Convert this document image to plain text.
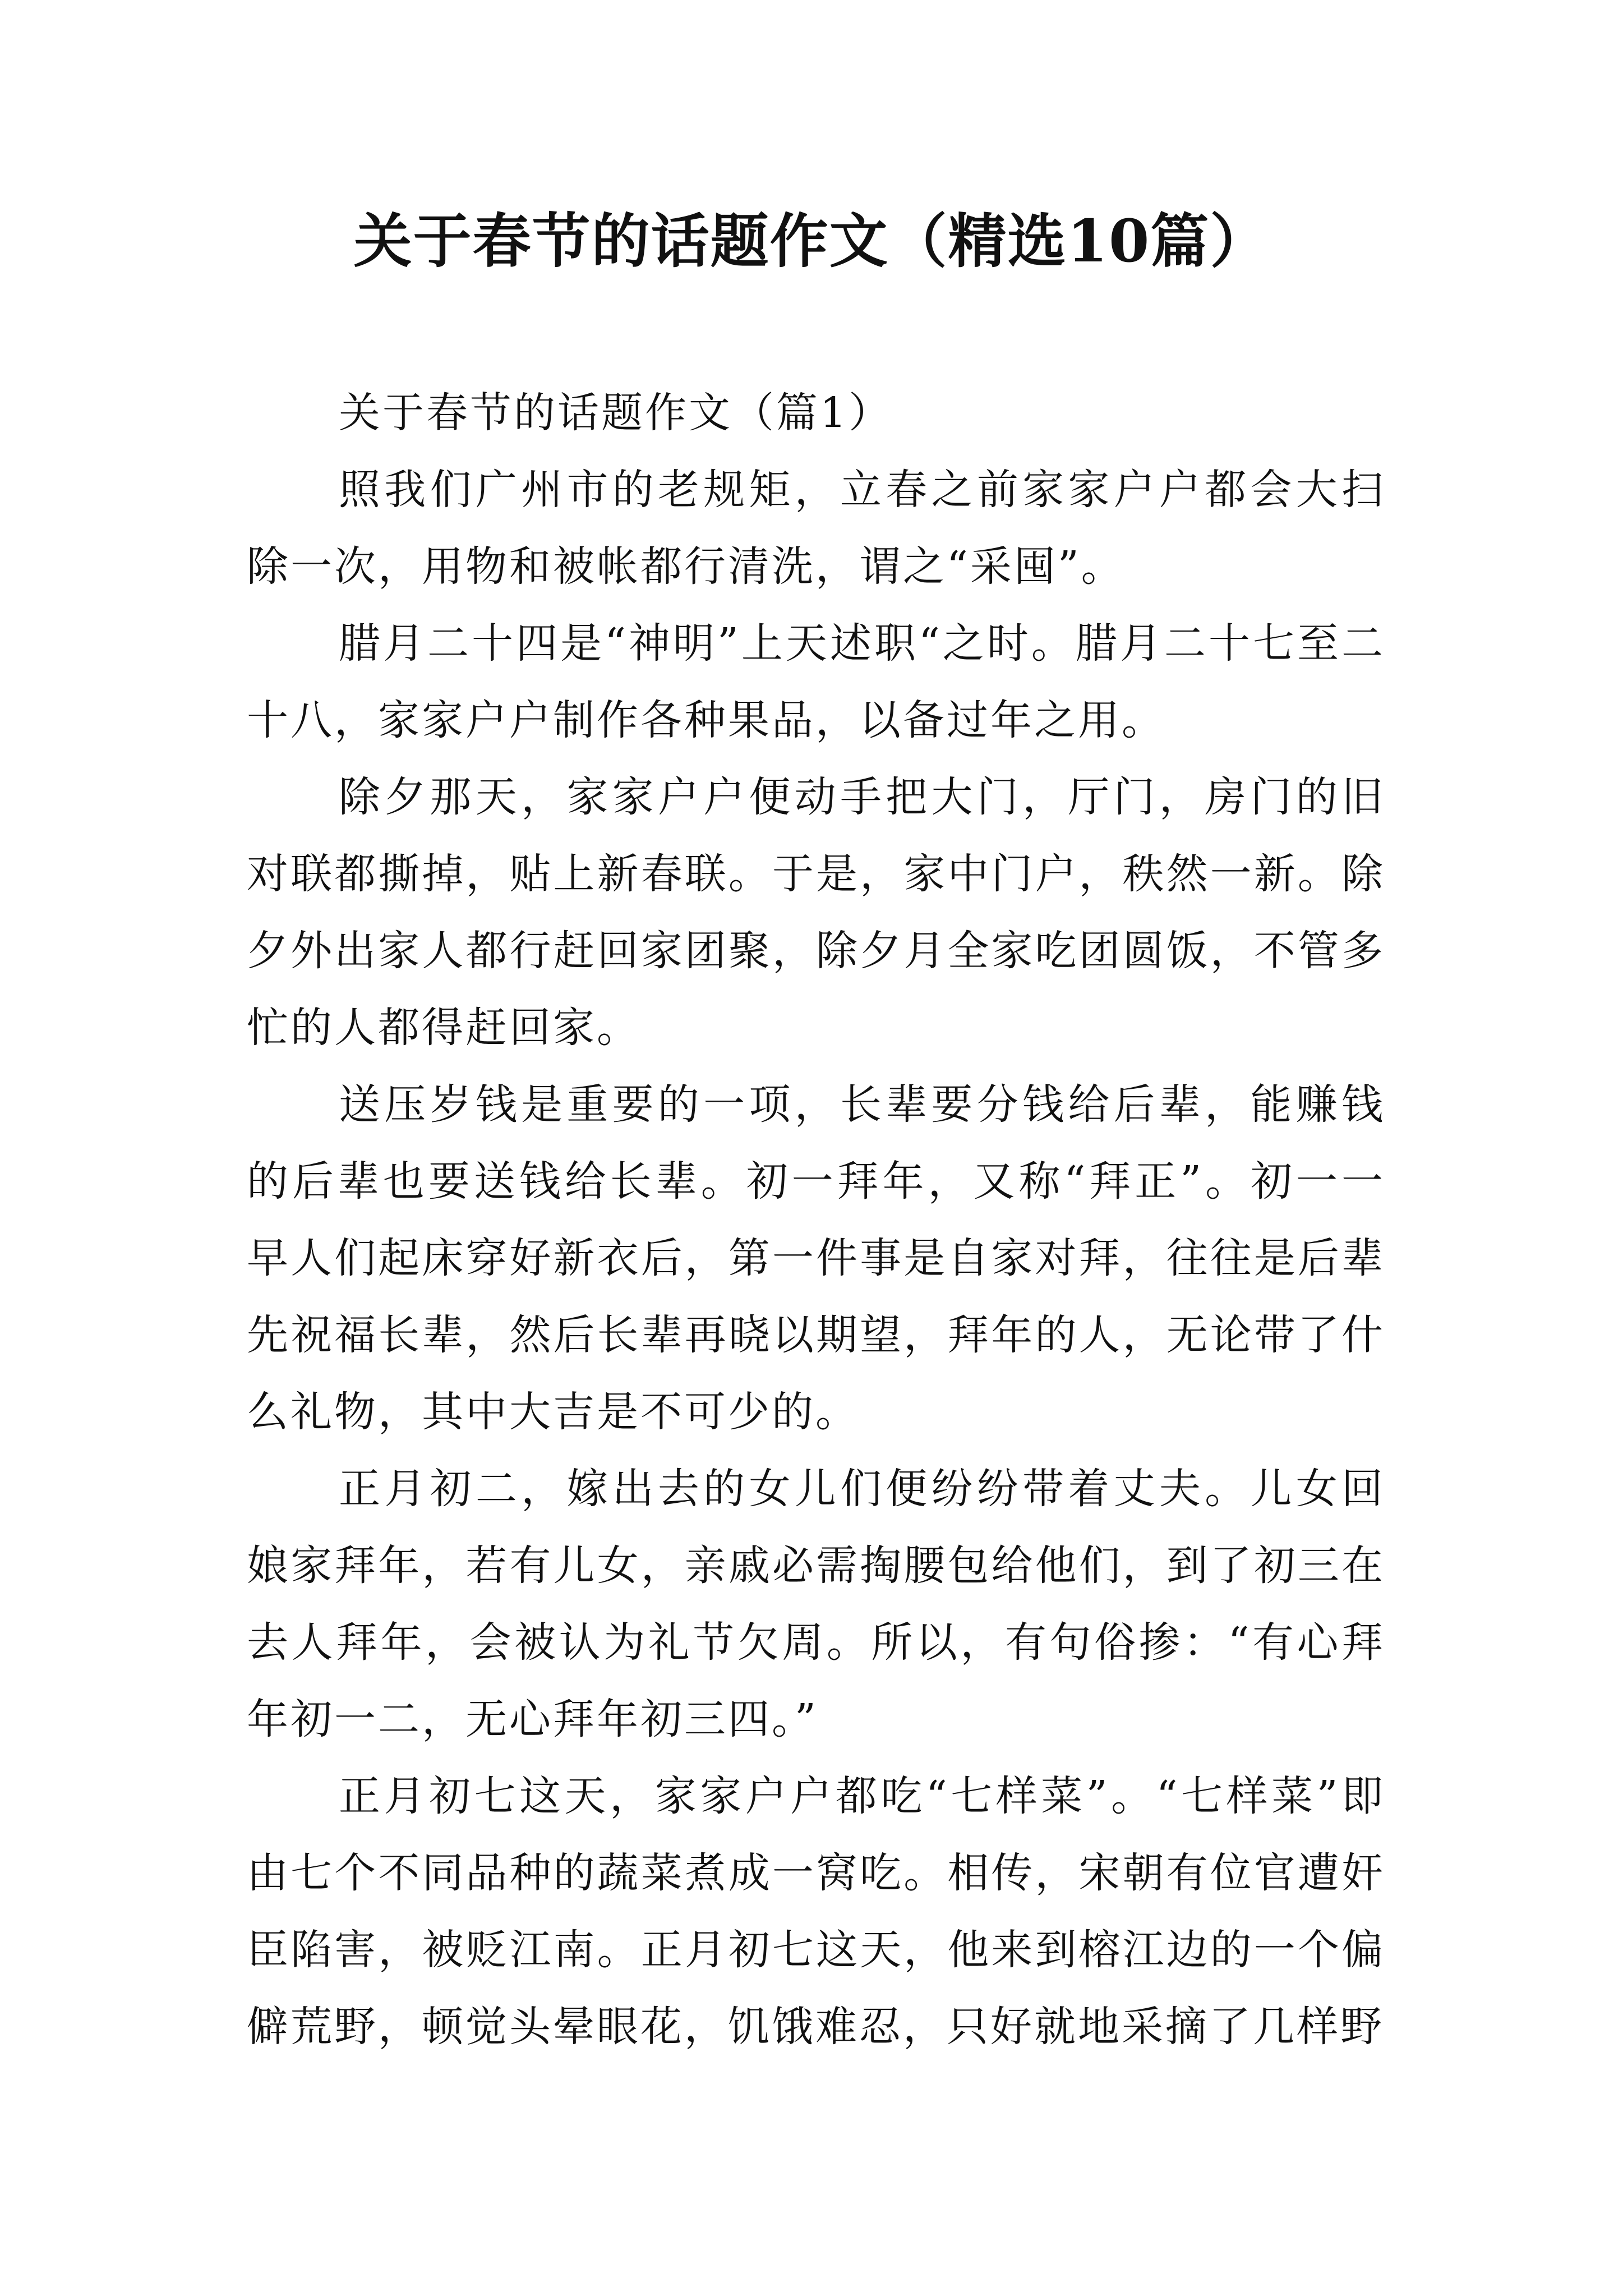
关于春节的话题作文（精选10篇）

关于春节的话题作文（篇1）

照我们广州市的老规矩，立春之前家家户户都会大扫除一次，用物和被帐都行清洗，谓之“采囤”。

腊月二十四是“神明”上天述职“之时。腊月二十七至二十八，家家户户制作各种果品，以备过年之用。

除夕那天，家家户户便动手把大门，厅门，房门的旧对联都撕掉，贴上新春联。于是，家中门户，秩然一新。除夕外出家人都行赶回家团聚，除夕月全家吃团圆饭，不管多忙的人都得赶回家。

送压岁钱是重要的一项，长辈要分钱给后辈，能赚钱的后辈也要送钱给长辈。初一拜年，又称“拜正”。初一一早人们起床穿好新衣后，第一件事是自家对拜，往往是后辈先祝福长辈，然后长辈再晓以期望，拜年的人，无论带了什么礼物，其中大吉是不可少的。

正月初二，嫁出去的女儿们便纷纷带着丈夫。儿女回娘家拜年，若有儿女，亲戚必需掏腰包给他们，到了初三在去人拜年，会被认为礼节欠周。所以，有句俗掺：“有心拜年初一二，无心拜年初三四。”

正月初七这天，家家户户都吃“七样菜”。“七样菜”即由七个不同品种的蔬菜煮成一窝吃。相传，宋朝有位官遭奸臣陷害，被贬江南。正月初七这天，他来到榕江边的一个偏僻荒野，顿觉头晕眼花，饥饿难忍，只好就地采摘了几样野
